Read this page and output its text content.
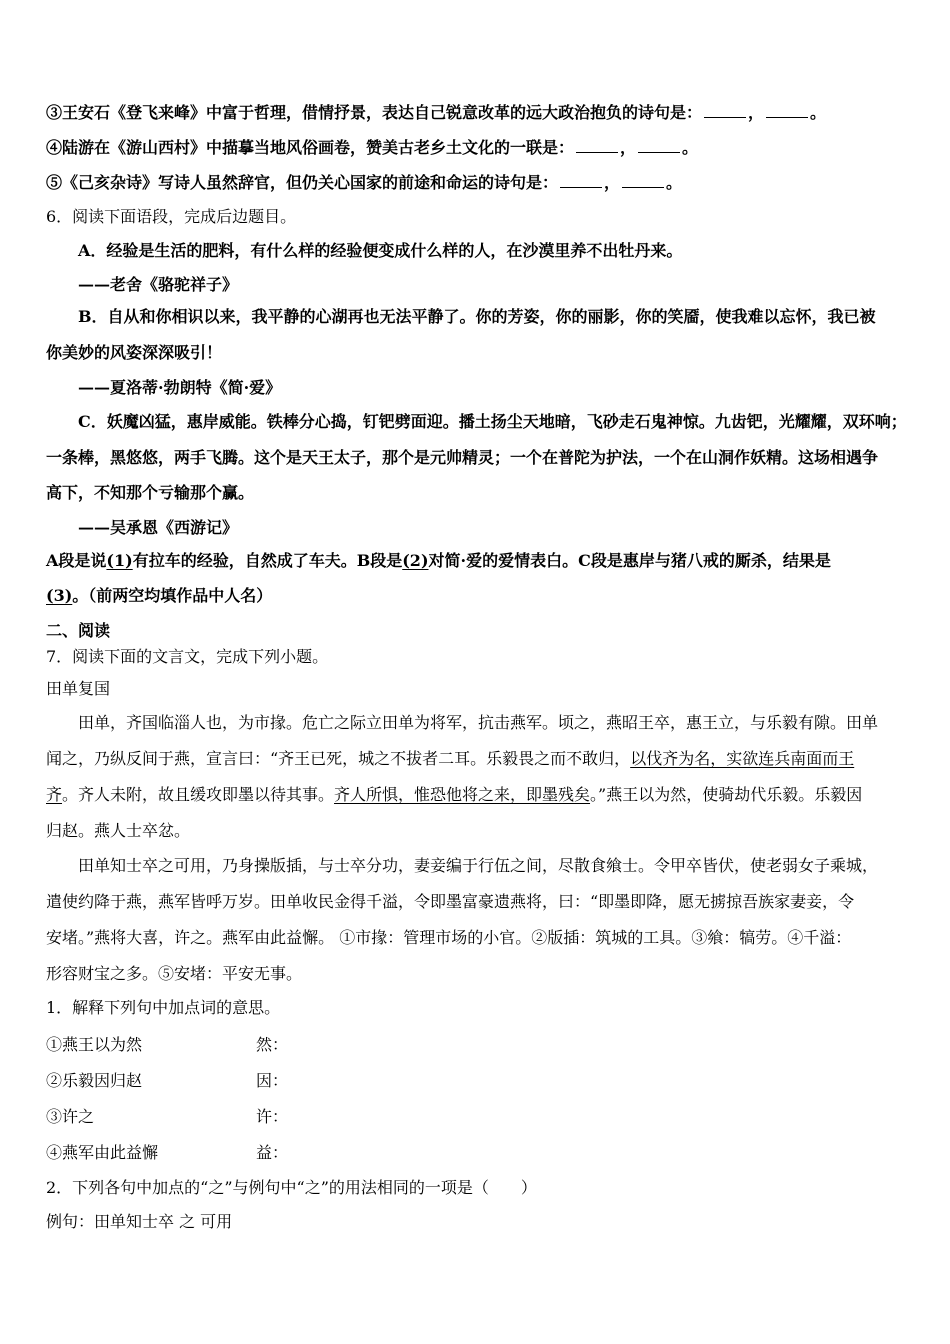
③王安石《登飞来峰》中富于哲理，借情抒景，表达自己锐意改革的远大政治抱负的诗句是：	，	。
④陆游在《游山西村》中描摹当地风俗画卷，赞美古老乡土文化的一联是：	，	。
⑤《己亥杂诗》写诗人虽然辞官，但仍关心国家的前途和命运的诗句是：	，	。
6．阅读下面语段，完成后边题目。
A．经验是生活的肥料，有什么样的经验便变成什么样的人，在沙漠里养不出牡丹来。
——老舍《骆驼祥子》
B．自从和你相识以来，我平静的心湖再也无法平静了。你的芳姿，你的丽影，你的笑靥，使我难以忘怀，我已被
你美妙的风姿深深吸引！
——夏洛蒂·勃朗特《简·爱》
C．妖魔凶猛，惠岸威能。铁棒分心捣，钉钯劈面迎。播土扬尘天地暗，飞砂走石鬼神惊。九齿钯，光耀耀，双环响；
一条棒，黑悠悠，两手飞腾。这个是天王太子，那个是元帅精灵；一个在普陀为护法，一个在山洞作妖精。这场相遇争
高下，不知那个亏输那个赢。
——吴承恩《西游记》
A段是说(1)有拉车的经验，自然成了车夫。B段是(2)对简·爱的爱情表白。C段是惠岸与猪八戒的厮杀，结果是
(3)。（前两空均填作品中人名）
二、阅读
7．阅读下面的文言文，完成下列小题。
田单复国
田单，齐国临淄人也，为市掾。危亡之际立田单为将军，抗击燕军。顷之，燕昭王卒，惠王立，与乐毅有隙。田单
闻之，乃纵反间于燕，宣言曰：“齐王已死，城之不拔者二耳。乐毅畏之而不敢归，以伐齐为名，实欲连兵南面而王
齐。齐人未附，故且缓攻即墨以待其事。齐人所惧，惟恐他将之来，即墨残矣。”燕王以为然，使骑劫代乐毅。乐毅因
归赵。燕人士卒忿。
田单知士卒之可用，乃身操版插，与士卒分功，妻妾编于行伍之间，尽散食飨士。令甲卒皆伏，使老弱女子乘城，
遣使约降于燕，燕军皆呼万岁。田单收民金得千溢，令即墨富豪遗燕将，曰：“即墨即降，愿无掳掠吾族家妻妾，令
安堵。”燕将大喜，许之。燕军由此益懈。 ①市掾：管理市场的小官。②版插：筑城的工具。③飨：犒劳。④千溢：
形容财宝之多。⑤安堵：平安无事。
1．解释下列句中加点词的意思。
①燕王以为然	然：
②乐毅因归赵	因：
③许之	许：
④燕军由此益懈	益：
2．下列各句中加点的“之”与例句中“之”的用法相同的一项是（　　）
例句：田单知士卒 之 可用
